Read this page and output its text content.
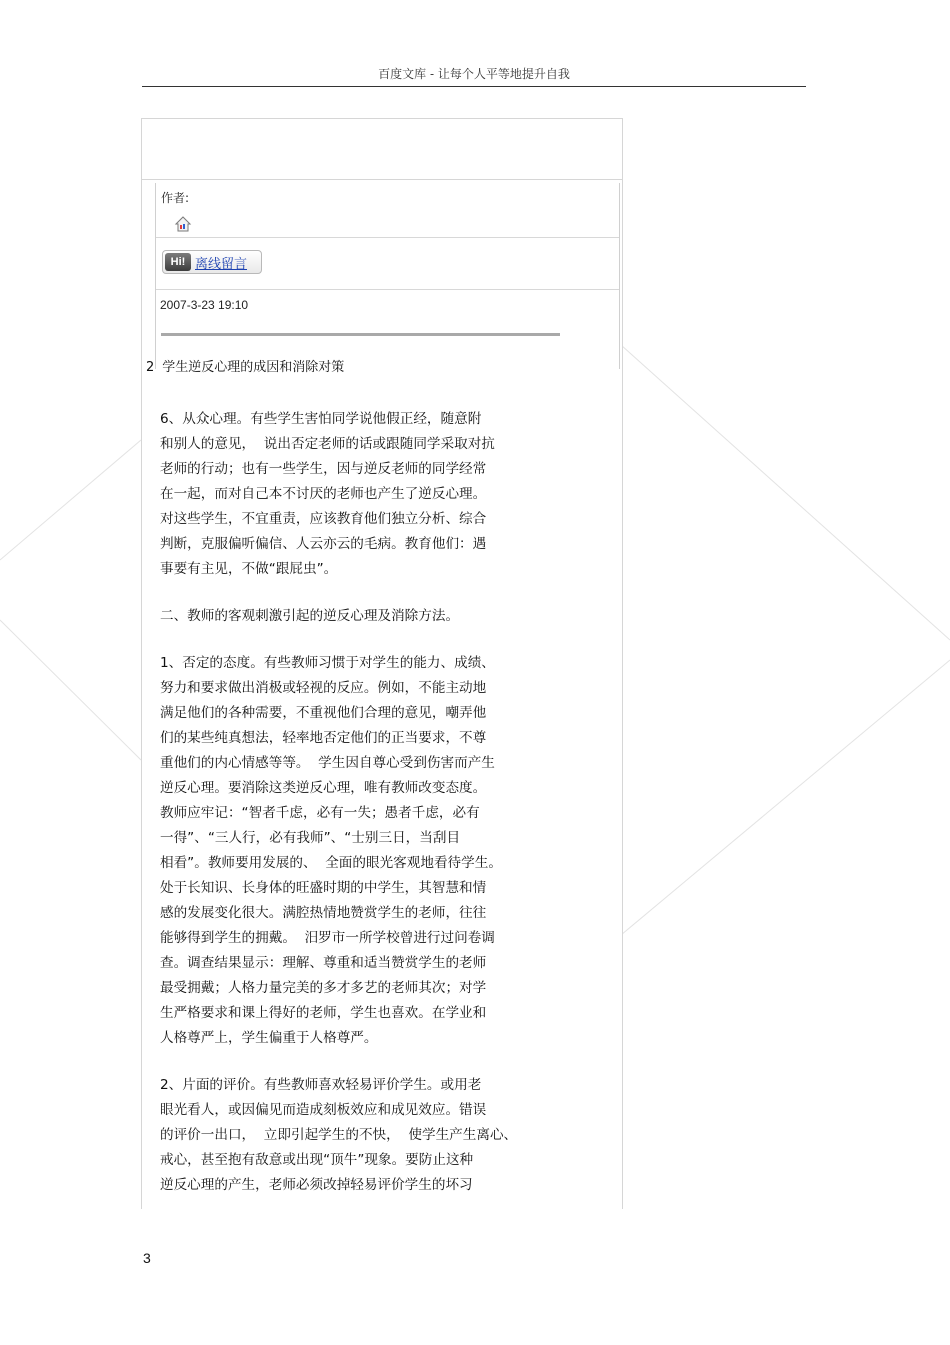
百度文库 - 让每个人平等地提升自我
作者:
Hi! 离线留言
2007-3-23 19:10
2 学生逆反心理的成因和消除对策

6、从众心理。有些学生害怕同学说他假正经，随意附

和别人的意见，  说出否定老师的话或跟随同学采取对抗

老师的行动；也有一些学生，因与逆反老师的同学经常

在一起，而对自己本不讨厌的老师也产生了逆反心理。

对这些学生，不宜重责，应该教育他们独立分析、综合

判断，克服偏听偏信、人云亦云的毛病。教育他们：遇

事要有主见，不做“跟屁虫”。

二、教师的客观刺激引起的逆反心理及消除方法。

1、否定的态度。有些教师习惯于对学生的能力、成绩、

努力和要求做出消极或轻视的反应。例如，不能主动地

满足他们的各种需要，不重视他们合理的意见，嘲弄他

们的某些纯真想法，轻率地否定他们的正当要求，不尊

重他们的内心情感等等。  学生因自尊心受到伤害而产生

逆反心理。要消除这类逆反心理，唯有教师改变态度。

教师应牢记：“智者千虑，必有一失；愚者千虑，必有

一得”、“三人行，必有我师”、“士别三日，当刮目

相看”。教师要用发展的、  全面的眼光客观地看待学生。

处于长知识、长身体的旺盛时期的中学生，其智慧和情

感的发展变化很大。满腔热情地赞赏学生的老师，往往

能够得到学生的拥戴。  汨罗市一所学校曾进行过问卷调

查。调查结果显示：理解、尊重和适当赞赏学生的老师

最受拥戴；人格力量完美的多才多艺的老师其次；对学

生严格要求和课上得好的老师，学生也喜欢。在学业和

人格尊严上，学生偏重于人格尊严。

2、片面的评价。有些教师喜欢轻易评价学生。或用老

眼光看人，或因偏见而造成刻板效应和成见效应。错误

的评价一出口，  立即引起学生的不快，  使学生产生离心、

戒心，甚至抱有敌意或出现“顶牛”现象。要防止这种

逆反心理的产生，老师必须改掉轻易评价学生的坏习

3
